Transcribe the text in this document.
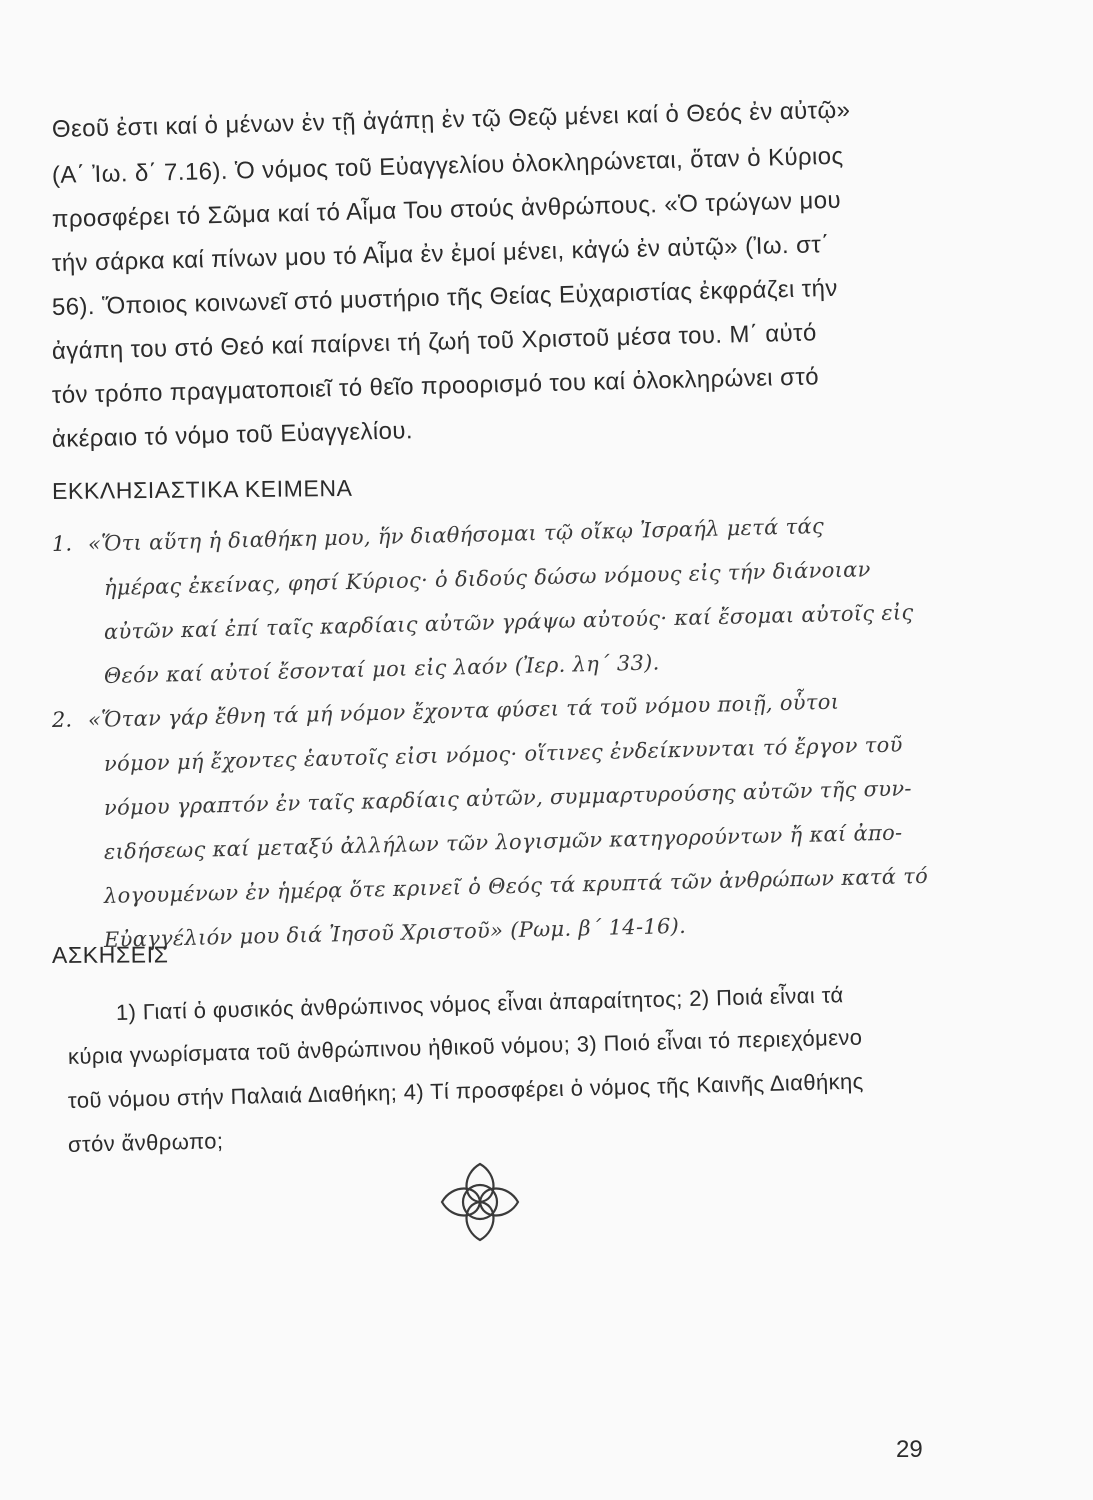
Θεοῦ ἐστι καί ὁ μένων ἐν τῇ ἀγάπῃ ἐν τῷ Θεῷ μένει καί ὁ Θεός ἐν αὐτῷ»
(Α΄ Ἰω. δ΄ 7.16). Ὁ νόμος τοῦ Εὐαγγελίου ὁλοκληρώνεται, ὅταν ὁ Κύριος
προσφέρει τό Σῶμα καί τό Αἷμα Του στούς ἀνθρώπους. «Ὁ τρώγων μου
τήν σάρκα καί πίνων μου τό Αἷμα ἐν ἐμοί μένει, κἀγώ ἐν αὐτῷ» (Ἰω. στ΄
56). Ὅποιος κοινωνεῖ στό μυστήριο τῆς Θείας Εὐχαριστίας ἐκφράζει τήν
ἀγάπη του στό Θεό καί παίρνει τή ζωή τοῦ Χριστοῦ μέσα του. Μ΄ αὐτό
τόν τρόπο πραγματοποιεῖ τό θεῖο προορισμό του καί ὁλοκληρώνει στό
ἀκέραιο τό νόμο τοῦ Εὐαγγελίου.
ΕΚΚΛΗΣΙΑΣΤΙΚΑ ΚΕΙΜΕΝΑ
1. «Ὅτι αὕτη ἡ διαθήκη μου, ἥν διαθήσομαι τῷ οἴκῳ Ἰσραήλ μετά τάς
ἡμέρας ἐκείνας, φησί Κύριος· ὁ διδούς δώσω νόμους εἰς τήν διάνοιαν
αὐτῶν καί ἐπί ταῖς καρδίαις αὐτῶν γράψω αὐτούς· καί ἔσομαι αὐτοῖς εἰς
Θεόν καί αὐτοί ἔσονταί μοι εἰς λαόν (Ἰερ. λη΄ 33).
2. «Ὅταν γάρ ἔθνη τά μή νόμον ἔχοντα φύσει τά τοῦ νόμου ποιῇ, οὗτοι
νόμον μή ἔχοντες ἑαυτοῖς εἰσι νόμος· οἵτινες ἐνδείκνυνται τό ἔργον τοῦ
νόμου γραπτόν ἐν ταῖς καρδίαις αὐτῶν, συμμαρτυρούσης αὐτῶν τῆς συν-
ειδήσεως καί μεταξύ ἀλλήλων τῶν λογισμῶν κατηγορούντων ἤ καί ἀπο-
λογουμένων ἐν ἡμέρᾳ ὅτε κρινεῖ ὁ Θεός τά κρυπτά τῶν ἀνθρώπων κατά τό
Εὐαγγέλιόν μου διά Ἰησοῦ Χριστοῦ» (Ρωμ. β΄ 14-16).
ΑΣΚΗΣΕΙΣ
1) Γιατί ὁ φυσικός ἀνθρώπινος νόμος εἶναι ἀπαραίτητος; 2) Ποιά εἶναι τά
κύρια γνωρίσματα τοῦ ἀνθρώπινου ἠθικοῦ νόμου; 3) Ποιό εἶναι τό περιεχόμενο
τοῦ νόμου στήν Παλαιά Διαθήκη; 4) Τί προσφέρει ὁ νόμος τῆς Καινῆς Διαθήκης
στόν ἄνθρωπο;
29
